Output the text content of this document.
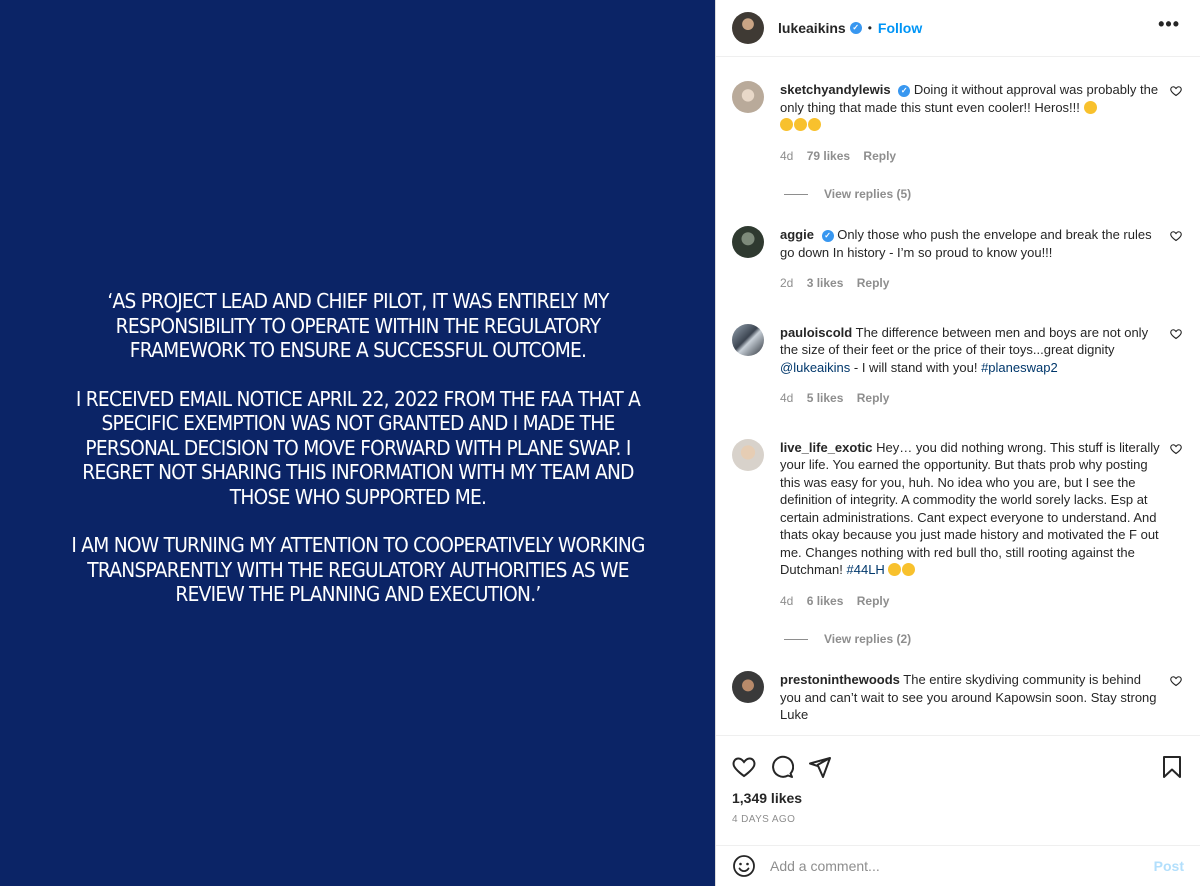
‘AS PROJECT LEAD AND CHIEF PILOT, IT WAS ENTIRELY MY RESPONSIBILITY TO OPERATE WITHIN THE REGULATORY FRAMEWORK TO ENSURE A SUCCESSFUL OUTCOME.

I RECEIVED EMAIL NOTICE APRIL 22, 2022 FROM THE FAA THAT A SPECIFIC EXEMPTION WAS NOT GRANTED AND I MADE THE PERSONAL DECISION TO MOVE FORWARD WITH PLANE SWAP. I REGRET NOT SHARING THIS INFORMATION WITH MY TEAM AND THOSE WHO SUPPORTED ME.

I AM NOW TURNING MY ATTENTION TO COOPERATIVELY WORKING TRANSPARENTLY WITH THE REGULATORY AUTHORITIES AS WE REVIEW THE PLANNING AND EXECUTION.’

lukeaikins ✓ • Follow	•••
sketchyandylewis ✓ Doing it without approval was probably the only thing that made this stunt even cooler!! Heros!!!

4d 79 likes Reply
View replies (5)
aggie ✓ Only those who push the envelope and break the rules go down In history - I’m so proud to know you!!!
2d 3 likes Reply
pauloiscold The difference between men and boys are not only the size of their feet or the price of their toys...great dignity @lukeaikins - I will stand with you! #planeswap2
4d 5 likes Reply
live_life_exotic Hey… you did nothing wrong. This stuff is literally your life. You earned the opportunity. But thats prob why posting this was easy for you, huh. No idea who you are, but I see the definition of integrity. A commodity the world sorely lacks. Esp at certain administrations. Cant expect everyone to understand. And thats okay because you just made history and motivated the F out me. Changes nothing with red bull tho, still rooting against the Dutchman! #44LH
4d 6 likes Reply
View replies (2)
prestoninthewoods The entire skydiving community is behind you and can’t wait to see you around Kapowsin soon. Stay strong Luke
1,349 likes
4 DAYS AGO
Add a comment...
Post
